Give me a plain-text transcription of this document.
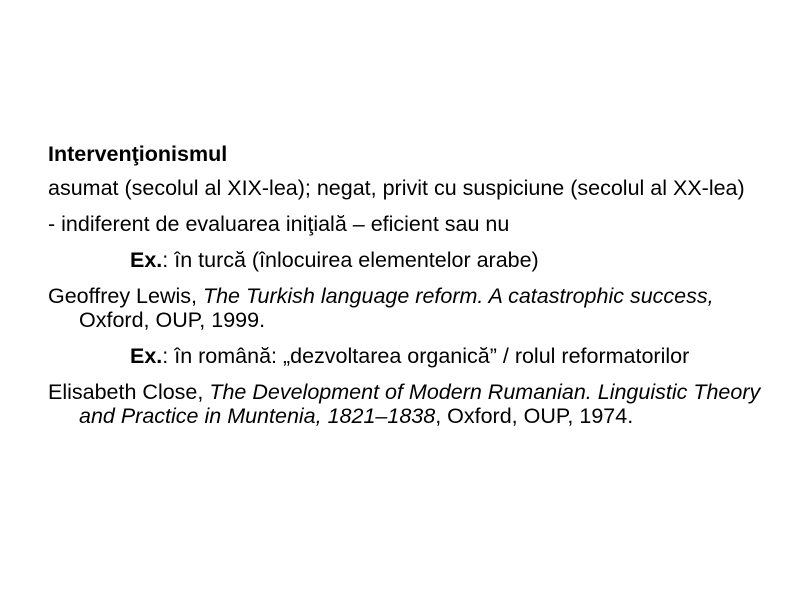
Intervenţionismul

asumat (secolul al XIX-lea); negat, privit cu suspiciune (secolul al XX-lea)

- indiferent de evaluarea iniţială – eficient sau nu

Ex.: în turcă (înlocuirea elementelor arabe)

Geoffrey Lewis, The Turkish language reform. A catastrophic success, Oxford, OUP, 1999.

Ex.: în română: „dezvoltarea organică” / rolul reformatorilor

Elisabeth Close, The Development of Modern Rumanian. Linguistic Theory and Practice in Muntenia, 1821–1838, Oxford, OUP, 1974.
